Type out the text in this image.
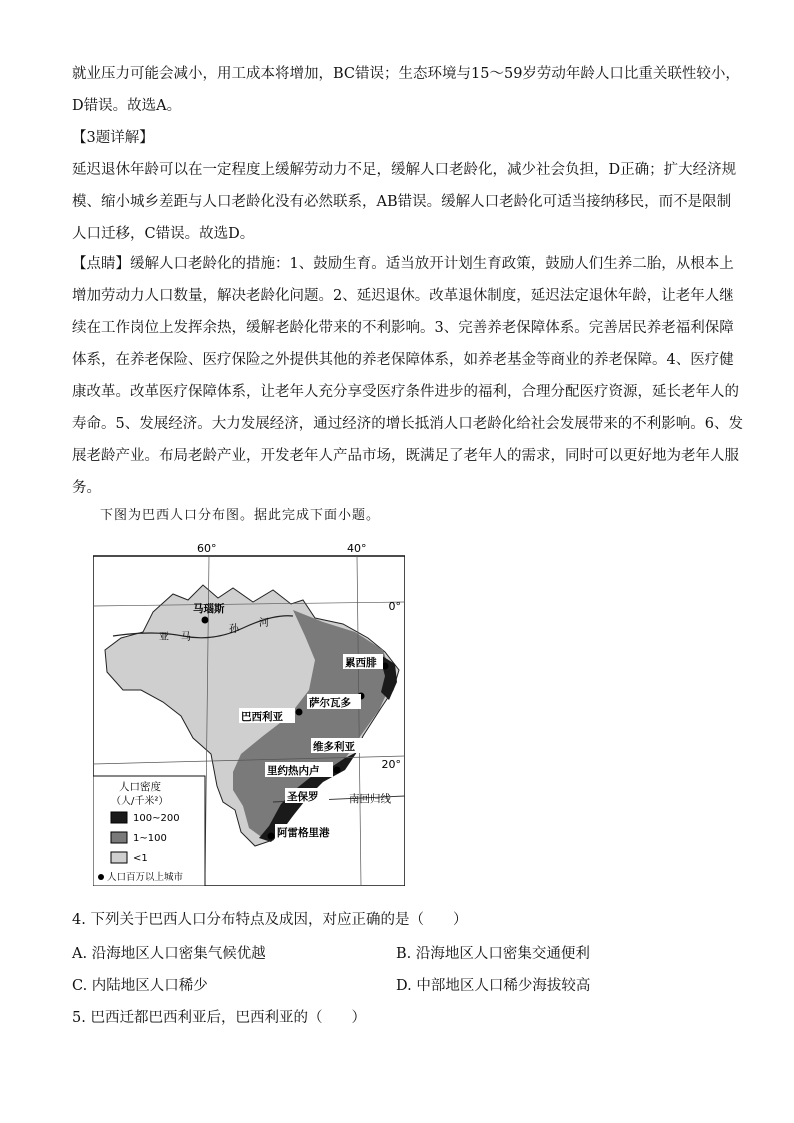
就业压力可能会减小，用工成本将增加，BC错误；生态环境与15～59岁劳动年龄人口比重关联性较小，
D错误。故选A。
【3题详解】
延迟退休年龄可以在一定程度上缓解劳动力不足，缓解人口老龄化，减少社会负担，D正确；扩大经济规
模、缩小城乡差距与人口老龄化没有必然联系，AB错误。缓解人口老龄化可适当接纳移民，而不是限制
人口迁移，C错误。故选D。
【点睛】缓解人口老龄化的措施：1、鼓励生育。适当放开计划生育政策，鼓励人们生养二胎，从根本上
增加劳动力人口数量，解决老龄化问题。2、延迟退休。改革退休制度，延迟法定退休年龄，让老年人继
续在工作岗位上发挥余热，缓解老龄化带来的不利影响。3、完善养老保障体系。完善居民养老福利保障
体系，在养老保险、医疗保险之外提供其他的养老保障体系，如养老基金等商业的养老保障。4、医疗健
康改革。改革医疗保障体系，让老年人充分享受医疗条件进步的福利，合理分配医疗资源，延长老年人的
寿命。5、发展经济。大力发展经济，通过经济的增长抵消人口老龄化给社会发展带来的不利影响。6、发
展老龄产业。布局老龄产业，开发老年人产品市场，既满足了老年人的需求，同时可以更好地为老年人服
务。
下图为巴西人口分布图。据此完成下面小题。
60°	40°
0°
20°
亚 马
孙
河
马瑙斯
累西腓
萨尔瓦多
巴西利亚
维多利亚
里约热内卢
圣保罗
阿雷格里港
南回归线
人口密度
（人/千米²）
100~200
1~100
<1
人口百万以上城市
4. 下列关于巴西人口分布特点及成因，对应正确的是（　　）
A. 沿海地区人口密集气候优越	B. 沿海地区人口密集交通便利
C. 内陆地区人口稀少	D. 中部地区人口稀少海拔较高
5. 巴西迁都巴西利亚后，巴西利亚的（　　）
